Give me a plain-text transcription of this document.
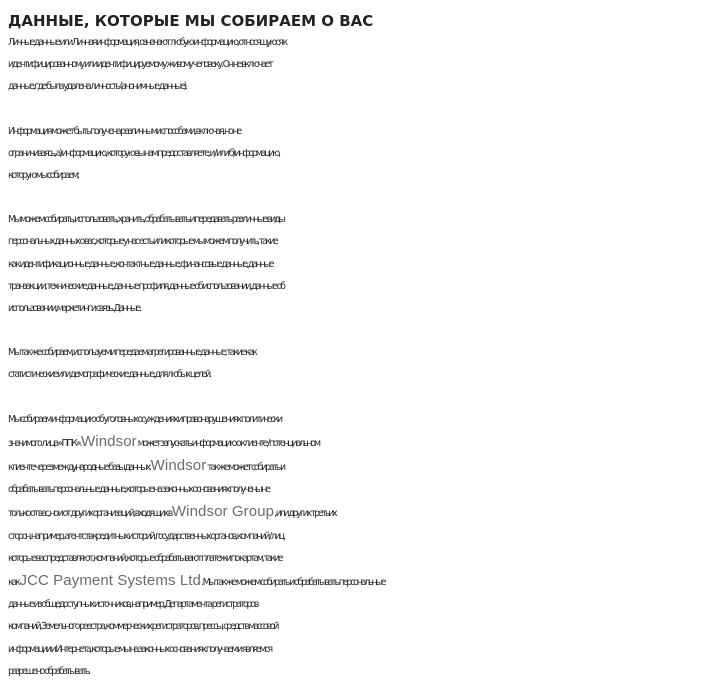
ДАННЫЕ, КОТОРЫЕ МЫ СОБИРАЕМ О ВАС

Личные данные или Личная информация, означают любую информацию, относящуюся к
идентифицированному или идентифицируемому живому человеку. Он не включает
данные, где была удалена личность (анонимные данные).

Информация может быть получена различными способами, включая, но не
ограничиваясь, а) информацию, которую вы нам предоставляете, и / или б) информацию,
которую мы собираем;

Мы можем собирать, использовать, хранить, обрабатывать и передавать различные виды
персональных данных о вас, которые у нас есть или которые мы можем получить, такие
как идентификационные данные, контактные данные, финансовые данные, данные
транзакции, технические данные, данные профиля, данные об использовании, данные об
использовании, маркетинг и связь. Данные.

Мы также собираем, используем и передаем агрегированные данные, такие как
статистические или демографические данные, для любых целей.

Мы собираем информацию об уголовных осуждениях и правонарушениях политически
значимого лица «ППК». Windsor может запускать информацию о клиенте / потенциальном
клиенте через международные базы данных. Windsor также может собирать и
обрабатывать персональные данные, которые на законных основаниях получены не
только от вас, но и от других организаций, входящих в Windsor Group, или других третьих
сторон, например, агентств кредитных историй, государственных органов, компаний / лиц,
которые вас представляют, компаний, которые обрабатывают платежи по картам, такие
как JCC Payment Systems Ltd. Мы также можем собирать и обрабатывать персональные
данные из общедоступных источников, например, Департамента регистраторов
компаний, Земельного реестра, коммерческих регистраторов, прессы, средств массовой
информации и Интернета, которые мы на законных основаниях получаем и являемся
разрешено обрабатывать.
